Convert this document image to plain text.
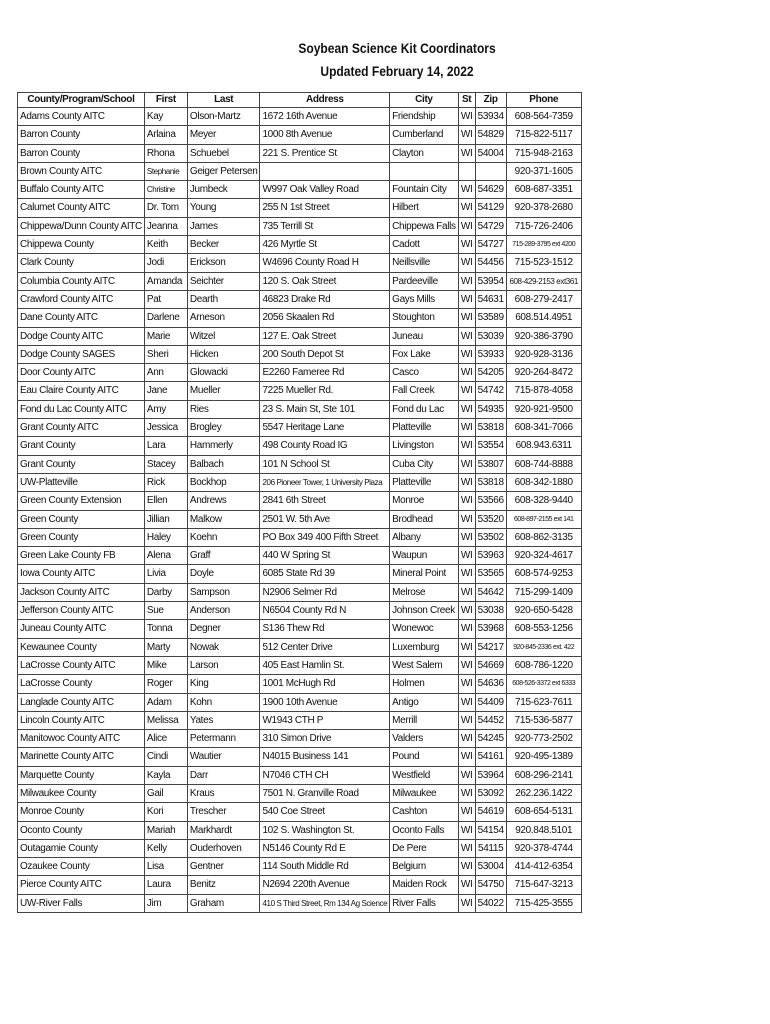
Soybean Science Kit Coordinators
Updated February 14, 2022
County/Program/School	First	Last	Address	City	St	Zip	Phone
Adams County AITC	Kay	Olson-Martz	1672 16th Avenue	Friendship	WI	53934	608-564-7359
Barron County	Arlaina	Meyer	1000 8th Avenue	Cumberland	WI	54829	715-822-5117
Barron County	Rhona	Schuebel	221 S. Prentice St	Clayton	WI	54004	715-948-2163
Brown County AITC	Stephanie	Geiger Petersen					920-371-1605
Buffalo County AITC	Christine	Jumbeck	W997 Oak Valley Road	Fountain City	WI	54629	608-687-3351
Calumet County AITC	Dr. Tom	Young	255 N 1st Street	Hilbert	WI	54129	920-378-2680
Chippewa/Dunn County AITC	Jeanna	James	735 Terrill St	Chippewa Falls	WI	54729	715-726-2406
Chippewa County	Keith	Becker	426 Myrtle St	Cadott	WI	54727	715-289-3795 ext 4200
Clark County	Jodi	Erickson	W4696 County Road H	Neillsville	WI	54456	715-523-1512
Columbia County AITC	Amanda	Seichter	120 S. Oak Street	Pardeeville	WI	53954	608-429-2153 ext361
Crawford County AITC	Pat	Dearth	46823 Drake Rd	Gays Mills	WI	54631	608-279-2417
Dane County AITC	Darlene	Arneson	2056 Skaalen Rd	Stoughton	WI	53589	608.514.4951
Dodge County AITC	Marie	Witzel	127 E. Oak Street	Juneau	WI	53039	920-386-3790
Dodge County SAGES	Sheri	Hicken	200 South Depot St	Fox Lake	WI	53933	920-928-3136
Door County AITC	Ann	Glowacki	E2260 Fameree Rd	Casco	WI	54205	920-264-8472
Eau Claire County AITC	Jane	Mueller	7225 Mueller Rd.	Fall Creek	WI	54742	715-878-4058
Fond du Lac County AITC	Amy	Ries	23 S. Main St, Ste 101	Fond du Lac	WI	54935	920-921-9500
Grant County AITC	Jessica	Brogley	5547 Heritage Lane	Platteville	WI	53818	608-341-7066
Grant County	Lara	Hammerly	498 County Road IG	Livingston	WI	53554	608.943.6311
Grant County	Stacey	Balbach	101 N School St	Cuba City	WI	53807	608-744-8888
UW-Platteville	Rick	Bockhop	206 Pioneer Tower, 1 University Plaza	Platteville	WI	53818	608-342-1880
Green County Extension	Ellen	Andrews	2841 6th Street	Monroe	WI	53566	608-328-9440
Green County	Jillian	Malkow	2501 W. 5th Ave	Brodhead	WI	53520	608-897-2155 ext 141
Green County	Haley	Koehn	PO Box 349 400 Fifth Street	Albany	WI	53502	608-862-3135
Green Lake County FB	Alena	Graff	440 W Spring St	Waupun	WI	53963	920-324-4617
Iowa County AITC	Livia	Doyle	6085 State Rd 39	Mineral Point	WI	53565	608-574-9253
Jackson County AITC	Darby	Sampson	N2906 Selmer Rd	Melrose	WI	54642	715-299-1409
Jefferson County AITC	Sue	Anderson	N6504 County Rd N	Johnson Creek	WI	53038	920-650-5428
Juneau County AITC	Tonna	Degner	S136 Thew Rd	Wonewoc	WI	53968	608-553-1256
Kewaunee County	Marty	Nowak	512 Center Drive	Luxemburg	WI	54217	920-845-2336 ext. 422
LaCrosse County AITC	Mike	Larson	405 East Hamlin St.	West Salem	WI	54669	608-786-1220
LaCrosse County	Roger	King	1001 McHugh Rd	Holmen	WI	54636	608-526-3372 ext 6333
Langlade County AITC	Adam	Kohn	1900 10th Avenue	Antigo	WI	54409	715-623-7611
Lincoln County AITC	Melissa	Yates	W1943 CTH P	Merrill	WI	54452	715-536-5877
Manitowoc County AITC	Alice	Petermann	310 Simon Drive	Valders	WI	54245	920-773-2502
Marinette County AITC	Cindi	Wautier	N4015 Business 141	Pound	WI	54161	920-495-1389
Marquette County	Kayla	Darr	N7046 CTH CH	Westfield	WI	53964	608-296-2141
Milwaukee County	Gail	Kraus	7501 N. Granville Road	Milwaukee	WI	53092	262.236.1422
Monroe County	Kori	Trescher	540 Coe Street	Cashton	WI	54619	608-654-5131
Oconto County	Mariah	Markhardt	102 S. Washington St.	Oconto Falls	WI	54154	920.848.5101
Outagamie County	Kelly	Ouderhoven	N5146 County Rd E	De Pere	WI	54115	920-378-4744
Ozaukee County	Lisa	Gentner	114 South Middle Rd	Belgium	WI	53004	414-412-6354
Pierce County AITC	Laura	Benitz	N2694 220th Avenue	Maiden Rock	WI	54750	715-647-3213
UW-River Falls	Jim	Graham	410 S Third Street, Rm 134 Ag Science	River Falls	WI	54022	715-425-3555
